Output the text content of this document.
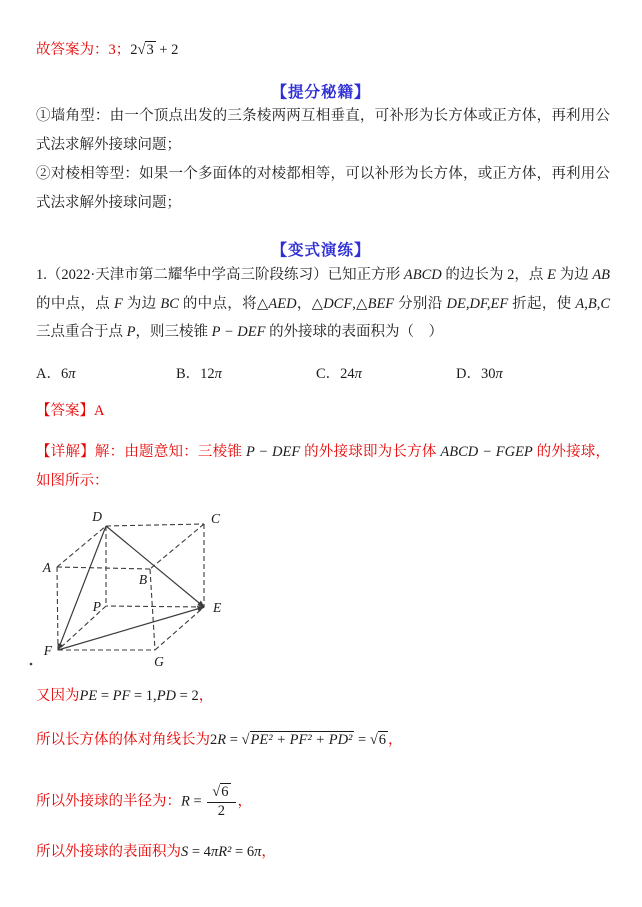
故答案为：3；2√3 + 2
【提分秘籍】
①墙角型：由一个顶点出发的三条棱两两互相垂直，可补形为长方体或正方体，再利用公式法求解外接球问题；
②对棱相等型：如果一个多面体的对棱都相等，可以补形为长方体，或正方体，再利用公式法求解外接球问题；
【变式演练】
1.（2022·天津市第二耀华中学高三阶段练习）已知正方形 ABCD 的边长为 2，点 E 为边 AB 的中点，点 F 为边 BC 的中点，将△AED，△DCF,△BEF 分别沿 DE,DF,EF 折起，使 A,B,C 三点重合于点 P，则三棱锥 P − DEF 的外接球的表面积为（　）
A．6π	B．12π	C．24π	D．30π
【答案】A
【详解】解：由题意知：三棱锥 P − DEF 的外接球即为长方体 ABCD − FGEP 的外接球，如图所示：
D	C
A
B
P	E
F
G
又因为PE = PF = 1,PD = 2，
所以长方体的体对角线长为2R = √PE² + PF² + PD² = √6 ，
所以外接球的半径为：$R = \frac{√6}{2}$ ，
所以外接球的表面积为S = 4πR² = 6π，
